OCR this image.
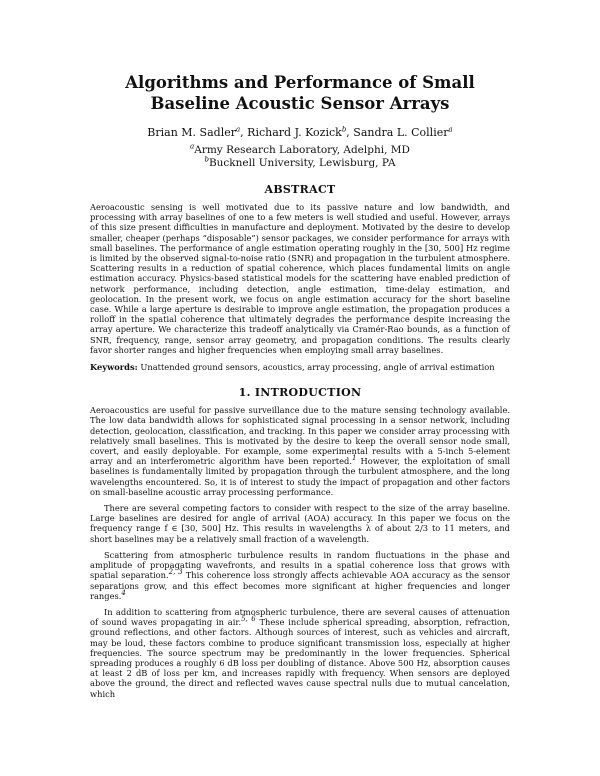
Algorithms and Performance of Small Baseline Acoustic Sensor Arrays
Brian M. Sadler$^a$, Richard J. Kozick$^b$, Sandra L. Collier$^a$
$^a$Army Research Laboratory, Adelphi, MD
$^b$Bucknell University, Lewisburg, PA
ABSTRACT

Aeroacoustic sensing is well motivated due to its passive nature and low bandwidth, and processing with array baselines of one to a few meters is well studied and useful. However, arrays of this size present difficulties in manufacture and deployment. Motivated by the desire to develop smaller, cheaper (perhaps “disposable”) sensor packages, we consider performance for arrays with small baselines. The performance of angle estimation operating roughly in the [30, 500] Hz regime is limited by the observed signal-to-noise ratio (SNR) and propagation in the turbulent atmosphere. Scattering results in a reduction of spatial coherence, which places fundamental limits on angle estimation accuracy. Physics-based statistical models for the scattering have enabled prediction of network performance, including detection, angle estimation, time-delay estimation, and geolocation. In the present work, we focus on angle estimation accuracy for the short baseline case. While a large aperture is desirable to improve angle estimation, the propagation produces a rolloff in the spatial coherence that ultimately degrades the performance despite increasing the array aperture. We characterize this tradeoff analytically via Cramér-Rao bounds, as a function of SNR, frequency, range, sensor array geometry, and propagation conditions. The results clearly favor shorter ranges and higher frequencies when employing small array baselines.

Keywords: Unattended ground sensors, acoustics, array processing, angle of arrival estimation

1. INTRODUCTION

Aeroacoustics are useful for passive surveillance due to the mature sensing technology available. The low data bandwidth allows for sophisticated signal processing in a sensor network, including detection, geolocation, classification, and tracking. In this paper we consider array processing with relatively small baselines. This is motivated by the desire to keep the overall sensor node small, covert, and easily deployable. For example, some experimental results with a 5-inch 5-element array and an interferometric algorithm have been reported.$^1$ However, the exploitation of small baselines is fundamentally limited by propagation through the turbulent atmosphere, and the long wavelengths encountered. So, it is of interest to study the impact of propagation and other factors on small-baseline acoustic array processing performance.

There are several competing factors to consider with respect to the size of the array baseline. Large baselines are desired for angle of arrival (AOA) accuracy. In this paper we focus on the frequency range f ∈ [30, 500] Hz. This results in wavelengths λ of about 2/3 to 11 meters, and short baselines may be a relatively small fraction of a wavelength.

Scattering from atmospheric turbulence results in random fluctuations in the phase and amplitude of propagating wavefronts, and results in a spatial coherence loss that grows with spatial separation.$^{2, 3}$ This coherence loss strongly affects achievable AOA accuracy as the sensor separations grow, and this effect becomes more significant at higher frequencies and longer ranges.$^4$

In addition to scattering from atmospheric turbulence, there are several causes of attenuation of sound waves propagating in air.$^{5, 6}$ These include spherical spreading, absorption, refraction, ground reflections, and other factors. Although sources of interest, such as vehicles and aircraft, may be loud, these factors combine to produce significant transmission loss, especially at higher frequencies. The source spectrum may be predominantly in the lower frequencies. Spherical spreading produces a roughly 6 dB loss per doubling of distance. Above 500 Hz, absorption causes at least 2 dB of loss per km, and increases rapidly with frequency. When sensors are deployed above the ground, the direct and reflected waves cause spectral nulls due to mutual cancelation, which
